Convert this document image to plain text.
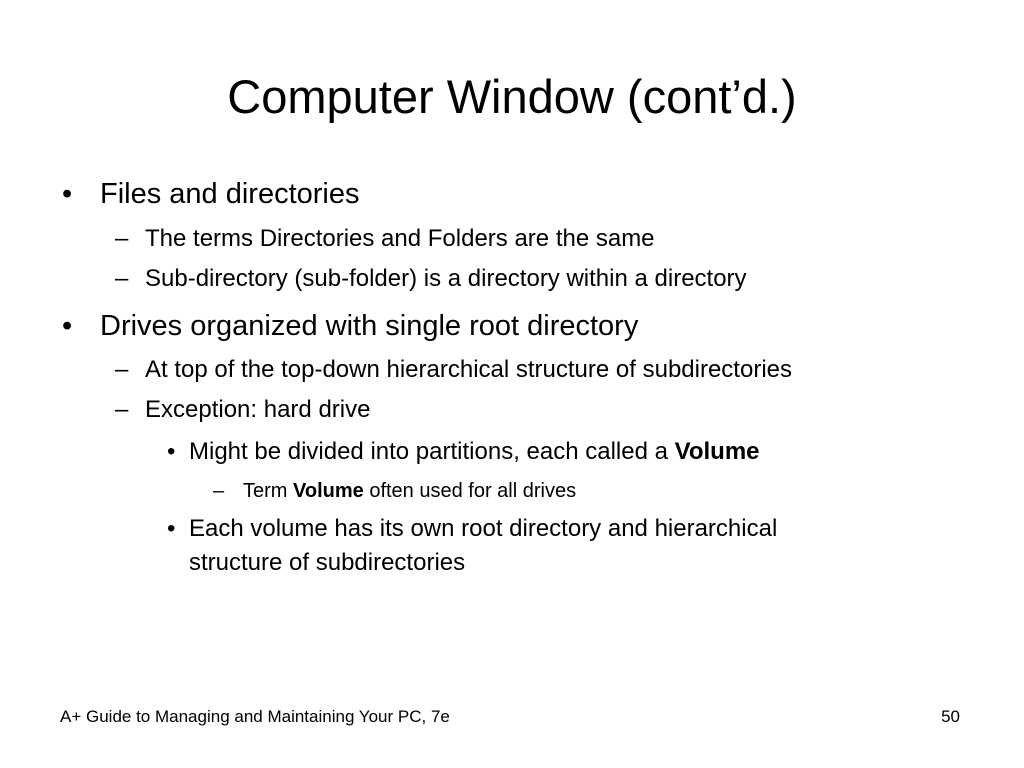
Computer Window (cont’d.)
• Files and directories
– The terms Directories and Folders are the same
– Sub-directory (sub-folder) is a directory within a directory
• Drives organized with single root directory
– At top of the top-down hierarchical structure of subdirectories
– Exception: hard drive
• Might be divided into partitions, each called a Volume
– Term Volume often used for all drives
• Each volume has its own root directory and hierarchical
structure of subdirectories
A+ Guide to Managing and Maintaining Your PC, 7e	50
